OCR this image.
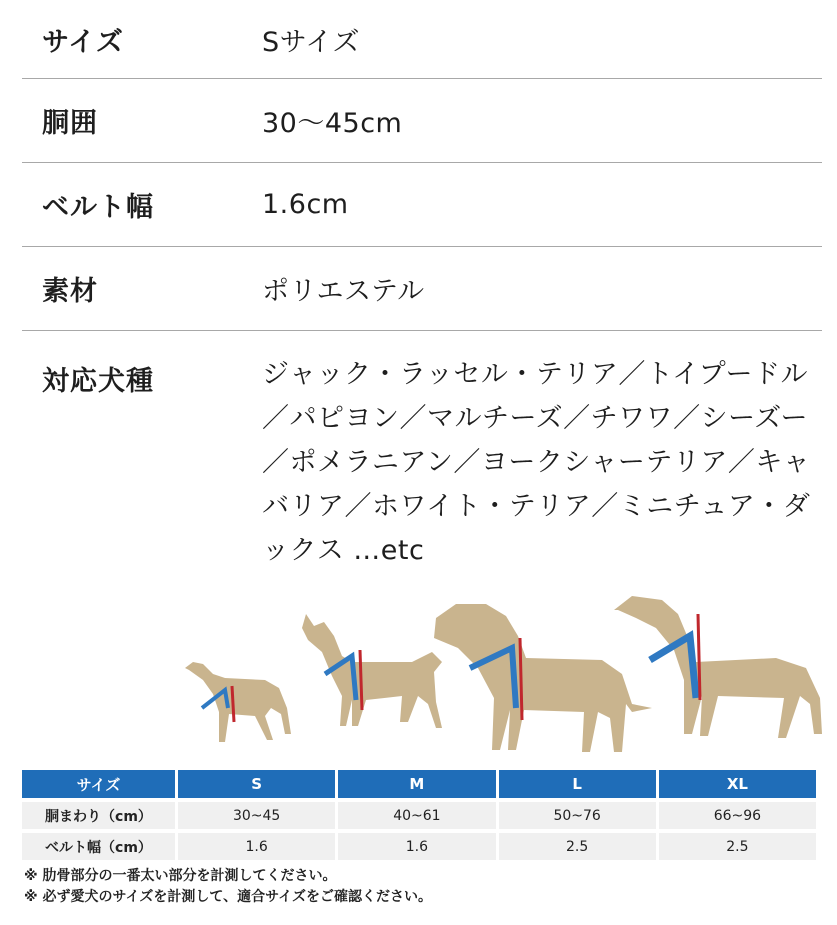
サイズ	Sサイズ
胴囲	30〜45cm
ベルト幅	1.6cm
素材	ポリエステル
対応犬種	ジャック・ラッセル・テリア／トイプードル／パピヨン／マルチーズ／チワワ／シーズー／ポメラニアン／ヨークシャーテリア／キャバリア／ホワイト・テリア／ミニチュア・ダックス …etc
サイズ	S	M	L	XL
胴まわり（cm）	30~45	40~61	50~76	66~96
ベルト幅（cm）	1.6	1.6	2.5	2.5
※ 肋骨部分の一番太い部分を計測してください。
※ 必ず愛犬のサイズを計測して、適合サイズをご確認ください。
